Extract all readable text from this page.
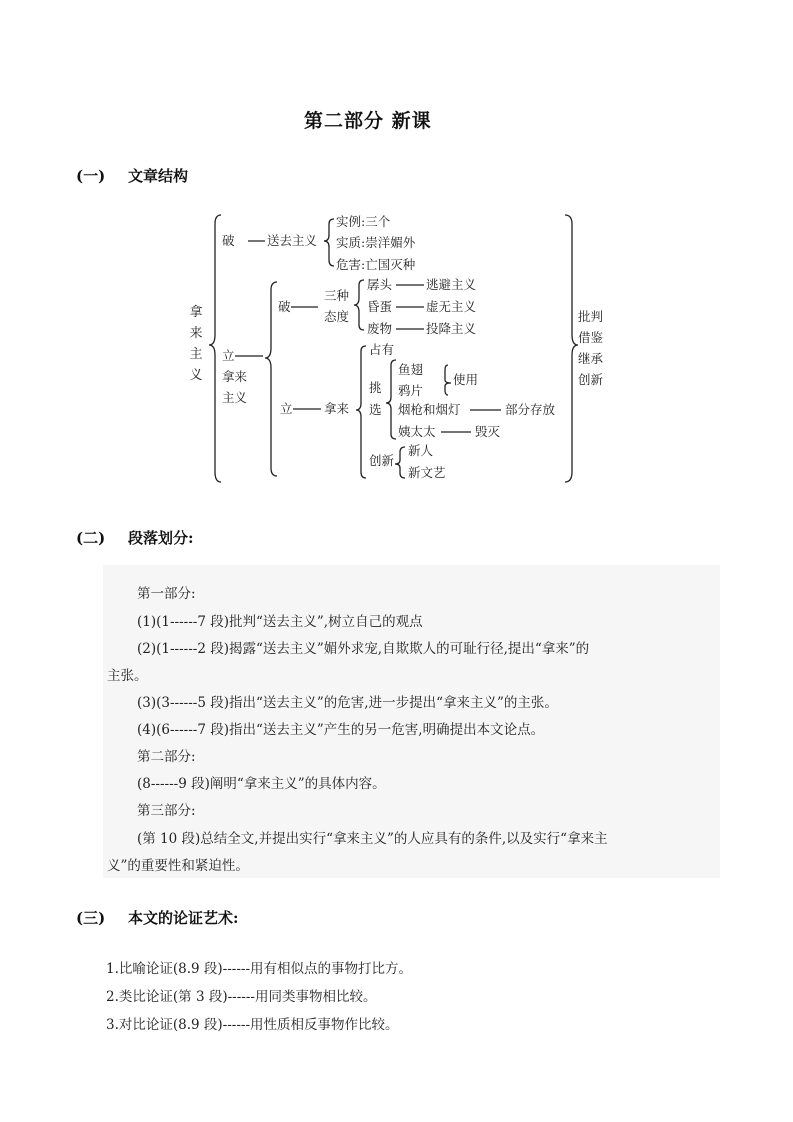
第二部分 新课
(一) 文章结构
拿
来
主
义
破	送去主义
实例:三个
实质:崇洋媚外
危害:亡国灭种
立
拿来
主义
破
三种
态度
孱头	逃避主义
昏蛋	虚无主义
废物	投降主义
立	拿来
占有
挑
选
鱼翅
鸦片
使用
烟枪和烟灯	部分存放
姨太太	毁灭
创新
新人
新文艺
批判
借鉴
继承
创新
(二) 段落划分:
第一部分:
(1)(1------7 段)批判“送去主义”,树立自己的观点
(2)(1------2 段)揭露“送去主义”媚外求宠,自欺欺人的可耻行径,提出“拿来”的
主张。
(3)(3------5 段)指出“送去主义”的危害,进一步提出“拿来主义”的主张。
(4)(6------7 段)指出“送去主义”产生的另一危害,明确提出本文论点。
第二部分:
(8------9 段)阐明“拿来主义”的具体内容。
第三部分:
(第 10 段)总结全文,并提出实行“拿来主义”的人应具有的条件,以及实行“拿来主
义”的重要性和紧迫性。
(三) 本文的论证艺术:
1.比喻论证(8.9 段)------用有相似点的事物打比方。
2.类比论证(第 3 段)------用同类事物相比较。
3.对比论证(8.9 段)------用性质相反事物作比较。
